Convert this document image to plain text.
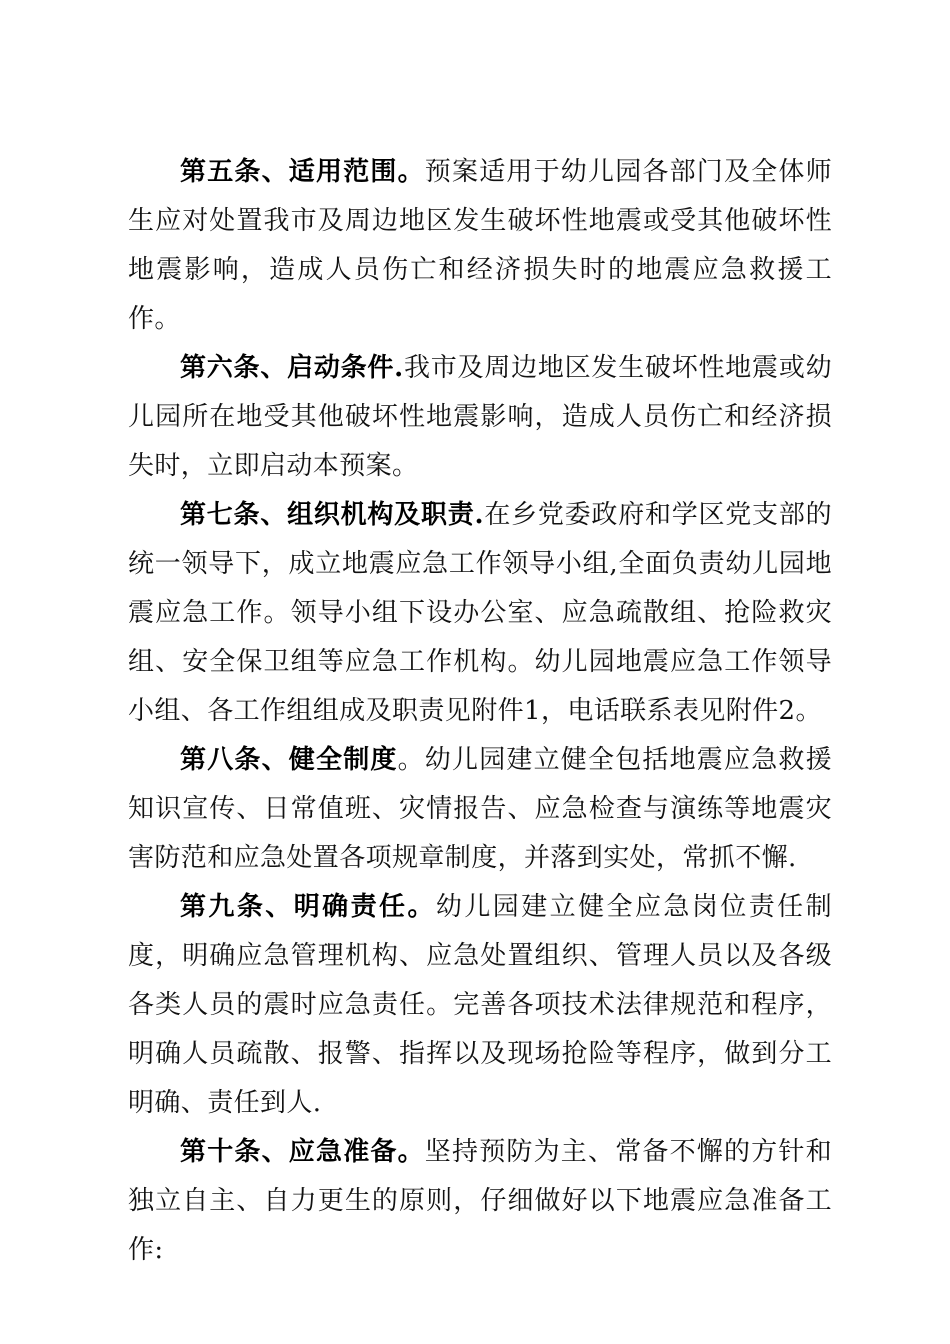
第五条、适用范围。预案适用于幼儿园各部门及全体师生应对处置我市及周边地区发生破坏性地震或受其他破坏性地震影响，造成人员伤亡和经济损失时的地震应急救援工作。

第六条、启动条件.我市及周边地区发生破坏性地震或幼儿园所在地受其他破坏性地震影响，造成人员伤亡和经济损失时，立即启动本预案。

第七条、组织机构及职责.在乡党委政府和学区党支部的统一领导下，成立地震应急工作领导小组,全面负责幼儿园地震应急工作。领导小组下设办公室、应急疏散组、抢险救灾组、安全保卫组等应急工作机构。幼儿园地震应急工作领导小组、各工作组组成及职责见附件1，电话联系表见附件2。

第八条、健全制度。幼儿园建立健全包括地震应急救援知识宣传、日常值班、灾情报告、应急检查与演练等地震灾害防范和应急处置各项规章制度，并落到实处，常抓不懈.

第九条、明确责任。幼儿园建立健全应急岗位责任制度，明确应急管理机构、应急处置组织、管理人员以及各级各类人员的震时应急责任。完善各项技术法律规范和程序，明确人员疏散、报警、指挥以及现场抢险等程序，做到分工明确、责任到人.

第十条、应急准备。坚持预防为主、常备不懈的方针和独立自主、自力更生的原则，仔细做好以下地震应急准备工作:
